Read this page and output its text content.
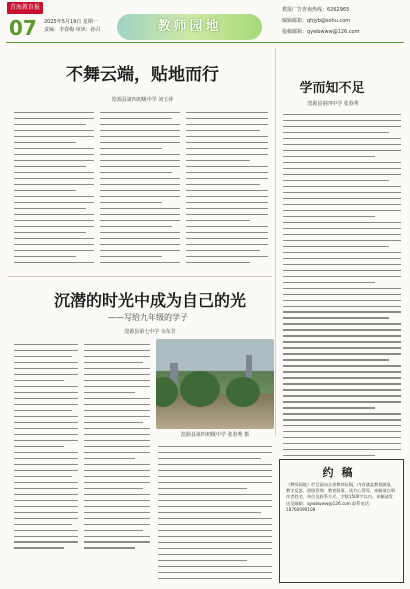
青海教育报
07 2025年5月19日 星期一
责编：李春梅 审读：孙召	教师园地
教报广告咨询热线：6262965
编辑邮箱：qhjyb@sohu.com
投稿邮箱：qywbwww@126.com
不舞云端，贴地而行
湟源县第四初级中学 刘玉萍
学而知不足
湟源县第四中学 张春秀
沉潜的时光中成为自己的光
——写给九年级的学子
湟源县第七中学 余东芳
湟源县第四初级中学 张春秀 摄
约稿
《教师园地》栏目面向全省教师征稿，内容涵盖教育随笔、教学反思、班级管理、教育叙事、读书心得等。来稿请注明作者姓名、单位及联系方式，字数1500字以内。来稿请发送至邮箱：qywbwww@126.com 联系电话：18760090108
